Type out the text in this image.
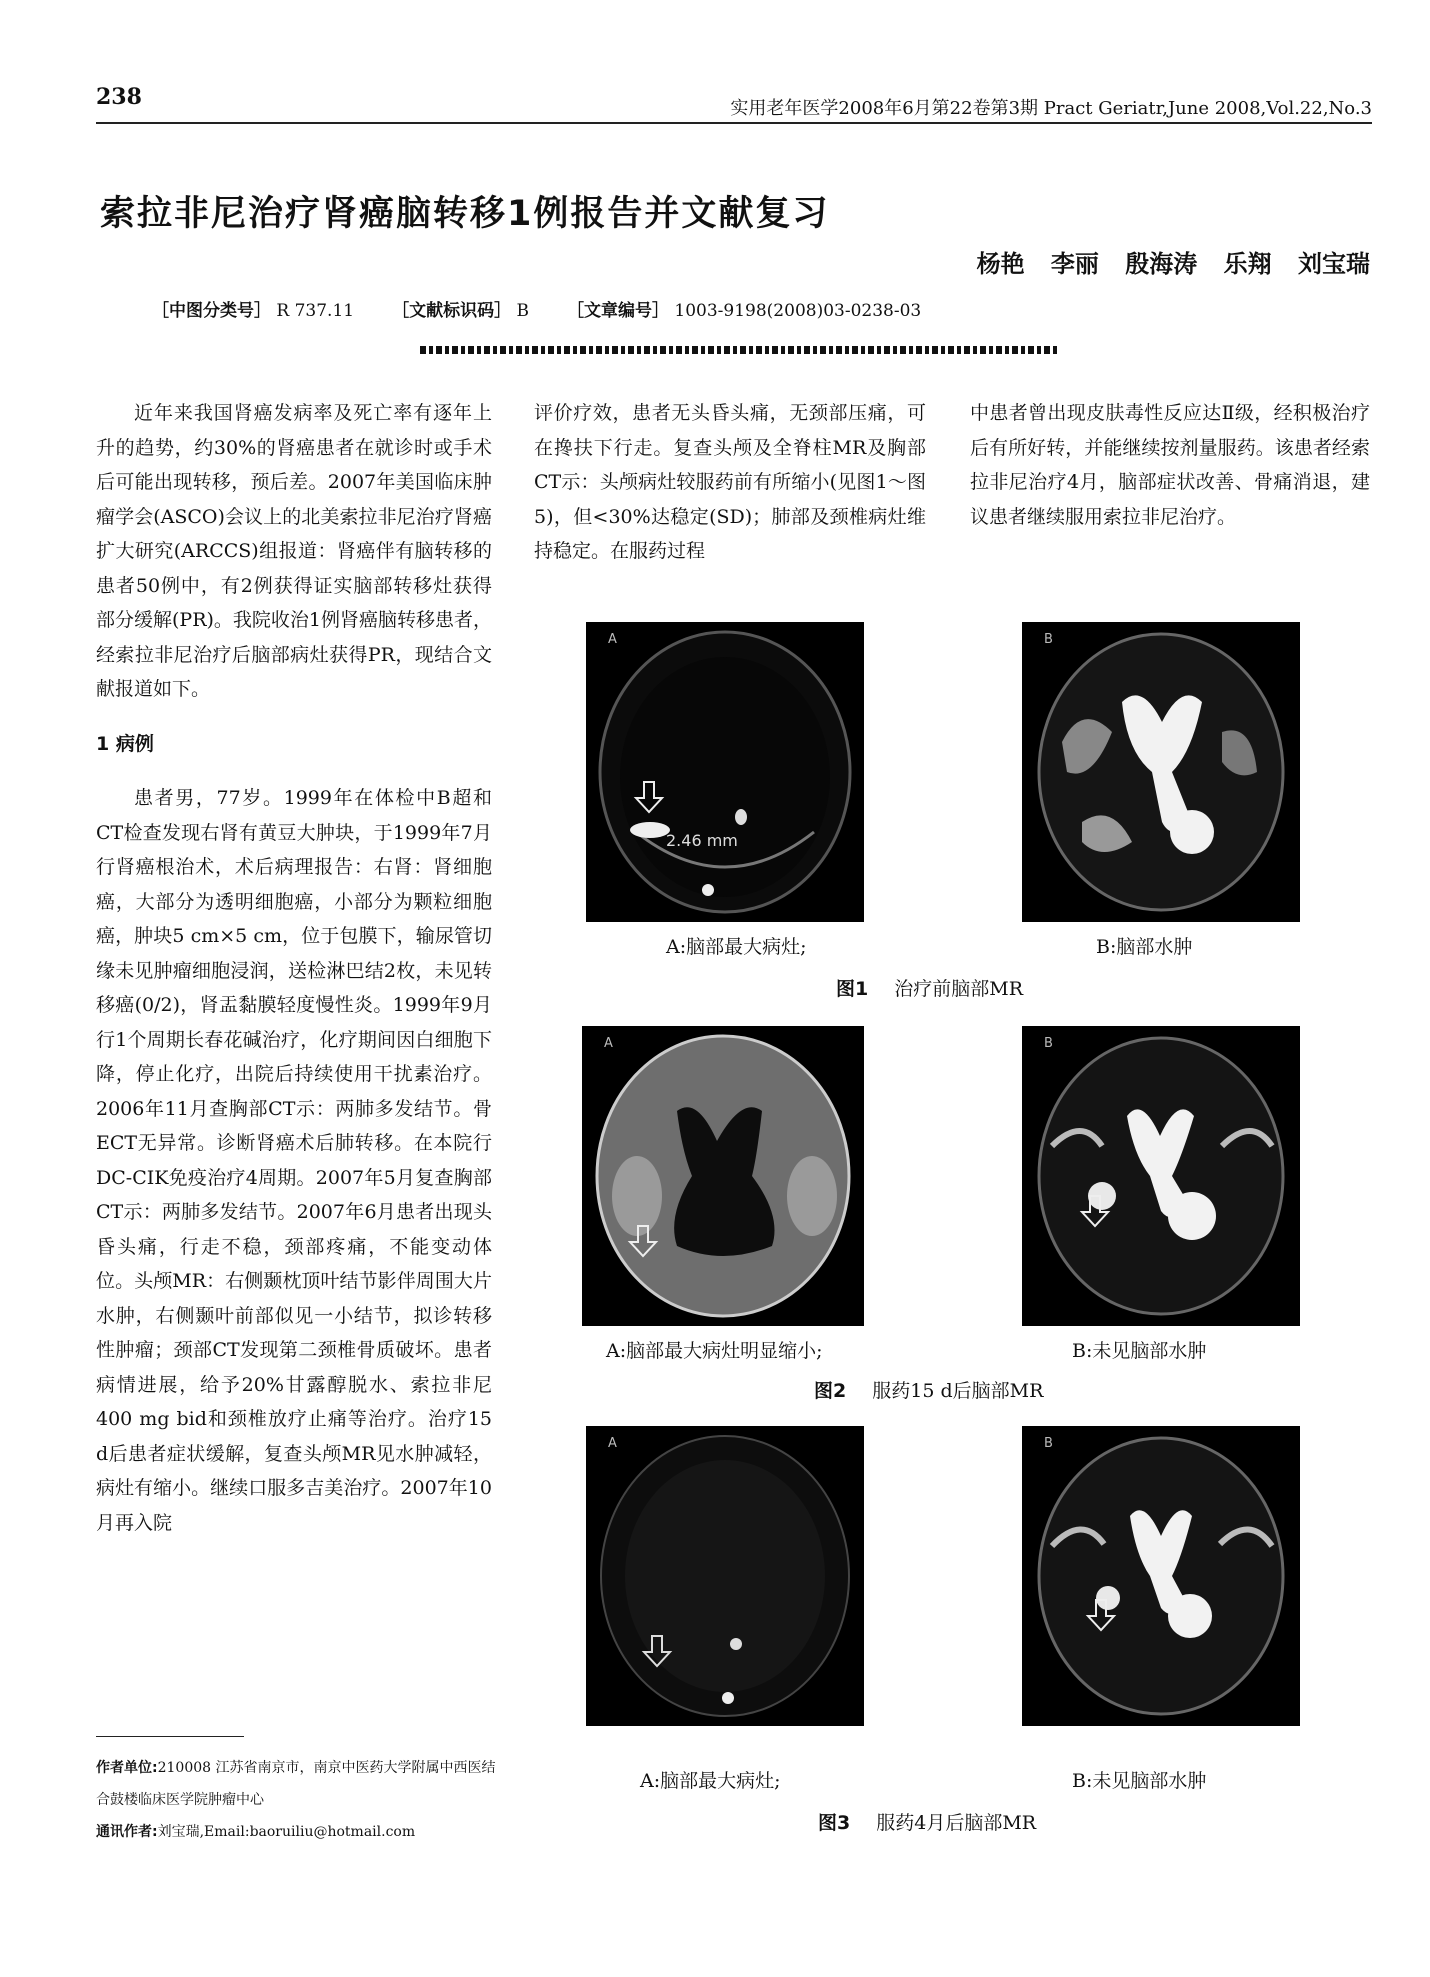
238	实用老年医学2008年6月第22卷第3期 Pract Geriatr,June 2008,Vol.22,No.3
索拉非尼治疗肾癌脑转移1例报告并文献复习
杨艳 李丽 殷海涛 乐翔 刘宝瑞
［中图分类号］ R 737.11 ［文献标识码］ B ［文章编号］ 1003-9198(2008)03-0238-03

近年来我国肾癌发病率及死亡率有逐年上升的趋势，约30%的肾癌患者在就诊时或手术后可能出现转移，预后差。2007年美国临床肿瘤学会(ASCO)会议上的北美索拉非尼治疗肾癌扩大研究(ARCCS)组报道：肾癌伴有脑转移的患者50例中，有2例获得证实脑部转移灶获得部分缓解(PR)。我院收治1例肾癌脑转移患者，经索拉非尼治疗后脑部病灶获得PR，现结合文献报道如下。

1 病例

患者男，77岁。1999年在体检中B超和CT检查发现右肾有黄豆大肿块，于1999年7月行肾癌根治术，术后病理报告：右肾：肾细胞癌，大部分为透明细胞癌，小部分为颗粒细胞癌，肿块5 cm×5 cm，位于包膜下，输尿管切缘未见肿瘤细胞浸润，送检淋巴结2枚，未见转移癌(0/2)，肾盂黏膜轻度慢性炎。1999年9月行1个周期长春花碱治疗，化疗期间因白细胞下降，停止化疗，出院后持续使用干扰素治疗。2006年11月查胸部CT示：两肺多发结节。骨ECT无异常。诊断肾癌术后肺转移。在本院行DC-CIK免疫治疗4周期。2007年5月复查胸部CT示：两肺多发结节。2007年6月患者出现头昏头痛，行走不稳，颈部疼痛，不能变动体位。头颅MR：右侧颞枕顶叶结节影伴周围大片水肿，右侧颞叶前部似见一小结节，拟诊转移性肿瘤；颈部CT发现第二颈椎骨质破坏。患者病情进展，给予20%甘露醇脱水、索拉非尼400 mg bid和颈椎放疗止痛等治疗。治疗15 d后患者症状缓解，复查头颅MR见水肿减轻，病灶有缩小。继续口服多吉美治疗。2007年10月再入院

评价疗效，患者无头昏头痛，无颈部压痛，可在搀扶下行走。复查头颅及全脊柱MR及胸部CT示：头颅病灶较服药前有所缩小(见图1～图5)，但<30%达稳定(SD)；肺部及颈椎病灶维持稳定。在服药过程

中患者曾出现皮肤毒性反应达Ⅱ级，经积极治疗后有所好转，并能继续按剂量服药。该患者经索拉非尼治疗4月，脑部症状改善、骨痛消退，建议患者继续服用索拉非尼治疗。

作者单位:210008 江苏省南京市，南京中医药大学附属中西医结合鼓楼临床医学院肿瘤中心
通讯作者:刘宝瑞,Email:baoruiliu@hotmail.com
2.46 mm
A	B
A:脑部最大病灶;	B:脑部水肿
图1 治疗前脑部MR
A	B
A:脑部最大病灶明显缩小;	B:未见脑部水肿
图2 服药15 d后脑部MR
A	B
A:脑部最大病灶;	B:未见脑部水肿
图3 服药4月后脑部MR
